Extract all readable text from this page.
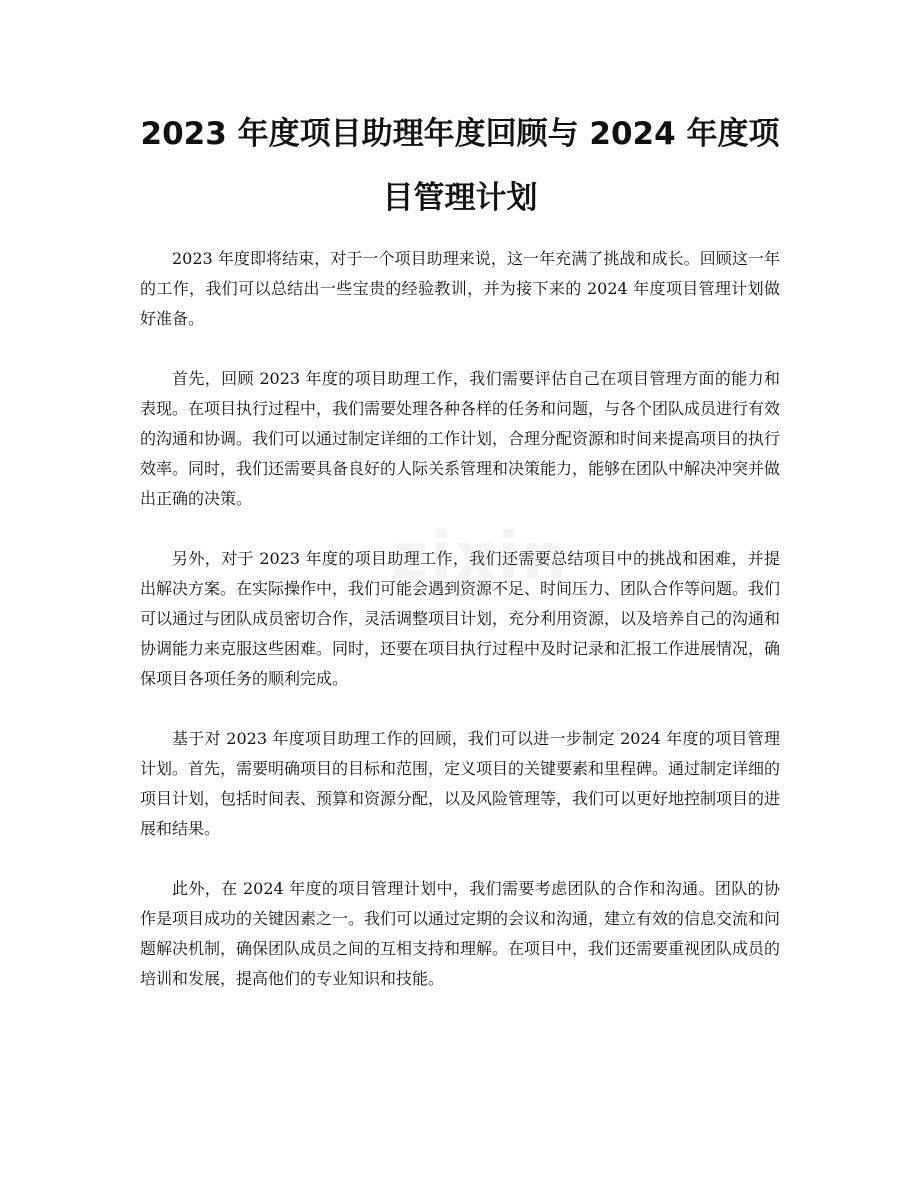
2023 年度项目助理年度回顾与 2024 年度项目管理计划

2023 年度即将结束，对于一个项目助理来说，这一年充满了挑战和成长。回顾这一年的工作，我们可以总结出一些宝贵的经验教训，并为接下来的 2024 年度项目管理计划做好准备。

首先，回顾 2023 年度的项目助理工作，我们需要评估自己在项目管理方面的能力和表现。在项目执行过程中，我们需要处理各种各样的任务和问题，与各个团队成员进行有效的沟通和协调。我们可以通过制定详细的工作计划，合理分配资源和时间来提高项目的执行效率。同时，我们还需要具备良好的人际关系管理和决策能力，能够在团队中解决冲突并做出正确的决策。

另外，对于 2023 年度的项目助理工作，我们还需要总结项目中的挑战和困难，并提出解决方案。在实际操作中，我们可能会遇到资源不足、时间压力、团队合作等问题。我们可以通过与团队成员密切合作，灵活调整项目计划，充分利用资源，以及培养自己的沟通和协调能力来克服这些困难。同时，还要在项目执行过程中及时记录和汇报工作进展情况，确保项目各项任务的顺利完成。

基于对 2023 年度项目助理工作的回顾，我们可以进一步制定 2024 年度的项目管理计划。首先，需要明确项目的目标和范围，定义项目的关键要素和里程碑。通过制定详细的项目计划，包括时间表、预算和资源分配，以及风险管理等，我们可以更好地控制项目的进展和结果。

此外，在 2024 年度的项目管理计划中，我们需要考虑团队的合作和沟通。团队的协作是项目成功的关键因素之一。我们可以通过定期的会议和沟通，建立有效的信息交流和问题解决机制，确保团队成员之间的互相支持和理解。在项目中，我们还需要重视团队成员的培训和发展，提高他们的专业知识和技能。

zixin
